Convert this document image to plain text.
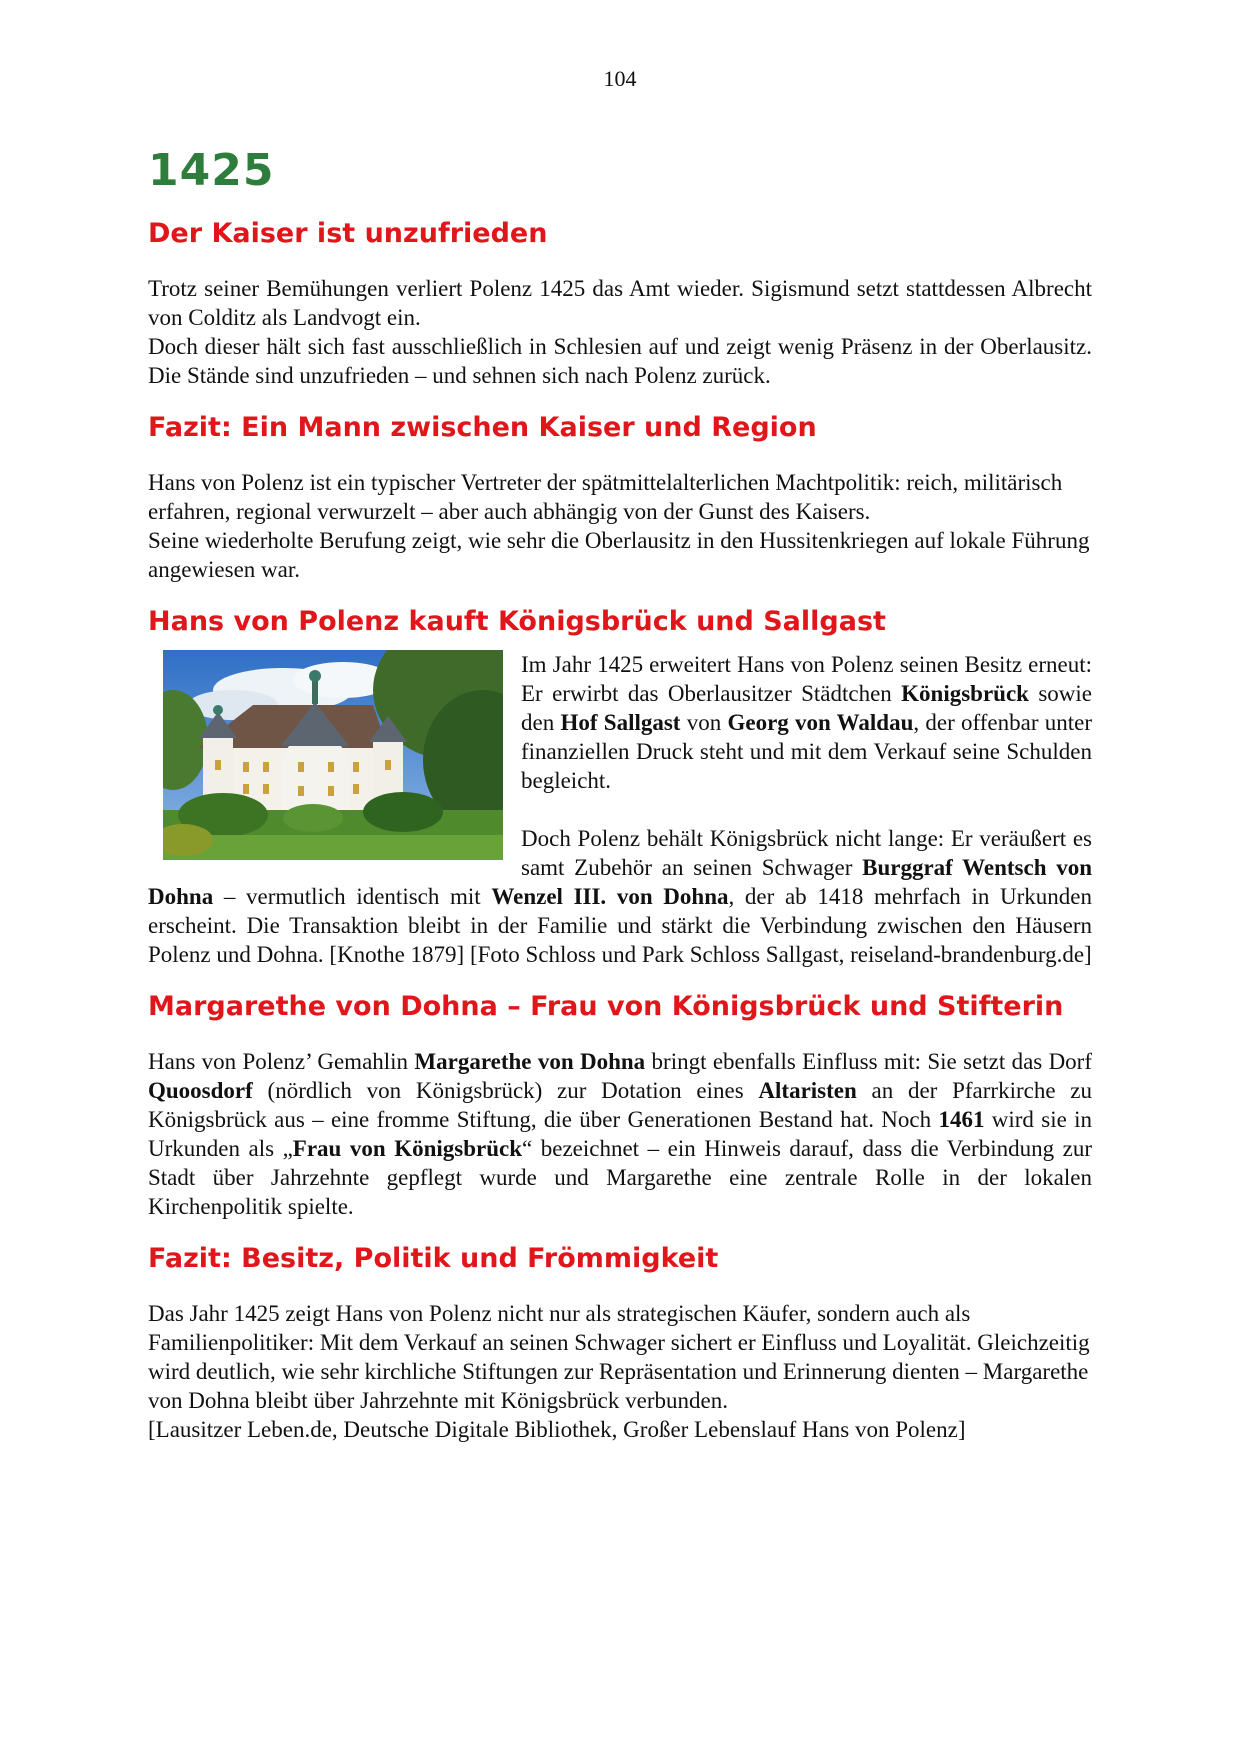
104
1425
Der Kaiser ist unzufrieden

Trotz seiner Bemühungen verliert Polenz 1425 das Amt wieder. Sigismund setzt stattdessen Albrecht von Colditz als Landvogt ein.

Doch dieser hält sich fast ausschließlich in Schlesien auf und zeigt wenig Präsenz in der Oberlausitz. Die Stände sind unzufrieden – und sehnen sich nach Polenz zurück.

Fazit: Ein Mann zwischen Kaiser und Region

Hans von Polenz ist ein typischer Vertreter der spätmittelalterlichen Machtpolitik: reich, militärisch erfahren, regional verwurzelt – aber auch abhängig von der Gunst des Kaisers.

Seine wiederholte Berufung zeigt, wie sehr die Oberlausitz in den Hussitenkriegen auf lokale Führung angewiesen war.

Hans von Polenz kauft Königsbrück und Sallgast

Im Jahr 1425 erweitert Hans von Polenz seinen Besitz erneut: Er erwirbt das Oberlausitzer Städtchen Königsbrück sowie den Hof Sallgast von Georg von Waldau, der offenbar unter finanziellen Druck steht und mit dem Verkauf seine Schulden begleicht.

Doch Polenz behält Königsbrück nicht lange: Er veräußert es samt Zubehör an seinen Schwager Burggraf Wentsch von Dohna – vermutlich identisch mit Wenzel III. von Dohna, der ab 1418 mehrfach in Urkunden erscheint. Die Transaktion bleibt in der Familie und stärkt die Verbindung zwischen den Häusern Polenz und Dohna. [Knothe 1879] [Foto Schloss und Park Schloss Sallgast, reiseland-brandenburg.de]

Margarethe von Dohna – Frau von Königsbrück und Stifterin

Hans von Polenz’ Gemahlin Margarethe von Dohna bringt ebenfalls Einfluss mit: Sie setzt das Dorf Quoosdorf (nördlich von Königsbrück) zur Dotation eines Altaristen an der Pfarrkirche zu Königsbrück aus – eine fromme Stiftung, die über Generationen Bestand hat. Noch 1461 wird sie in Urkunden als „Frau von Königsbrück“ bezeichnet – ein Hinweis darauf, dass die Verbindung zur Stadt über Jahrzehnte gepflegt wurde und Margarethe eine zentrale Rolle in der lokalen Kirchenpolitik spielte.

Fazit: Besitz, Politik und Frömmigkeit

Das Jahr 1425 zeigt Hans von Polenz nicht nur als strategischen Käufer, sondern auch als Familienpolitiker: Mit dem Verkauf an seinen Schwager sichert er Einfluss und Loyalität. Gleichzeitig wird deutlich, wie sehr kirchliche Stiftungen zur Repräsentation und Erinnerung dienten – Margarethe von Dohna bleibt über Jahrzehnte mit Königsbrück verbunden.

[Lausitzer Leben.de, Deutsche Digitale Bibliothek, Großer Lebenslauf Hans von Polenz]
